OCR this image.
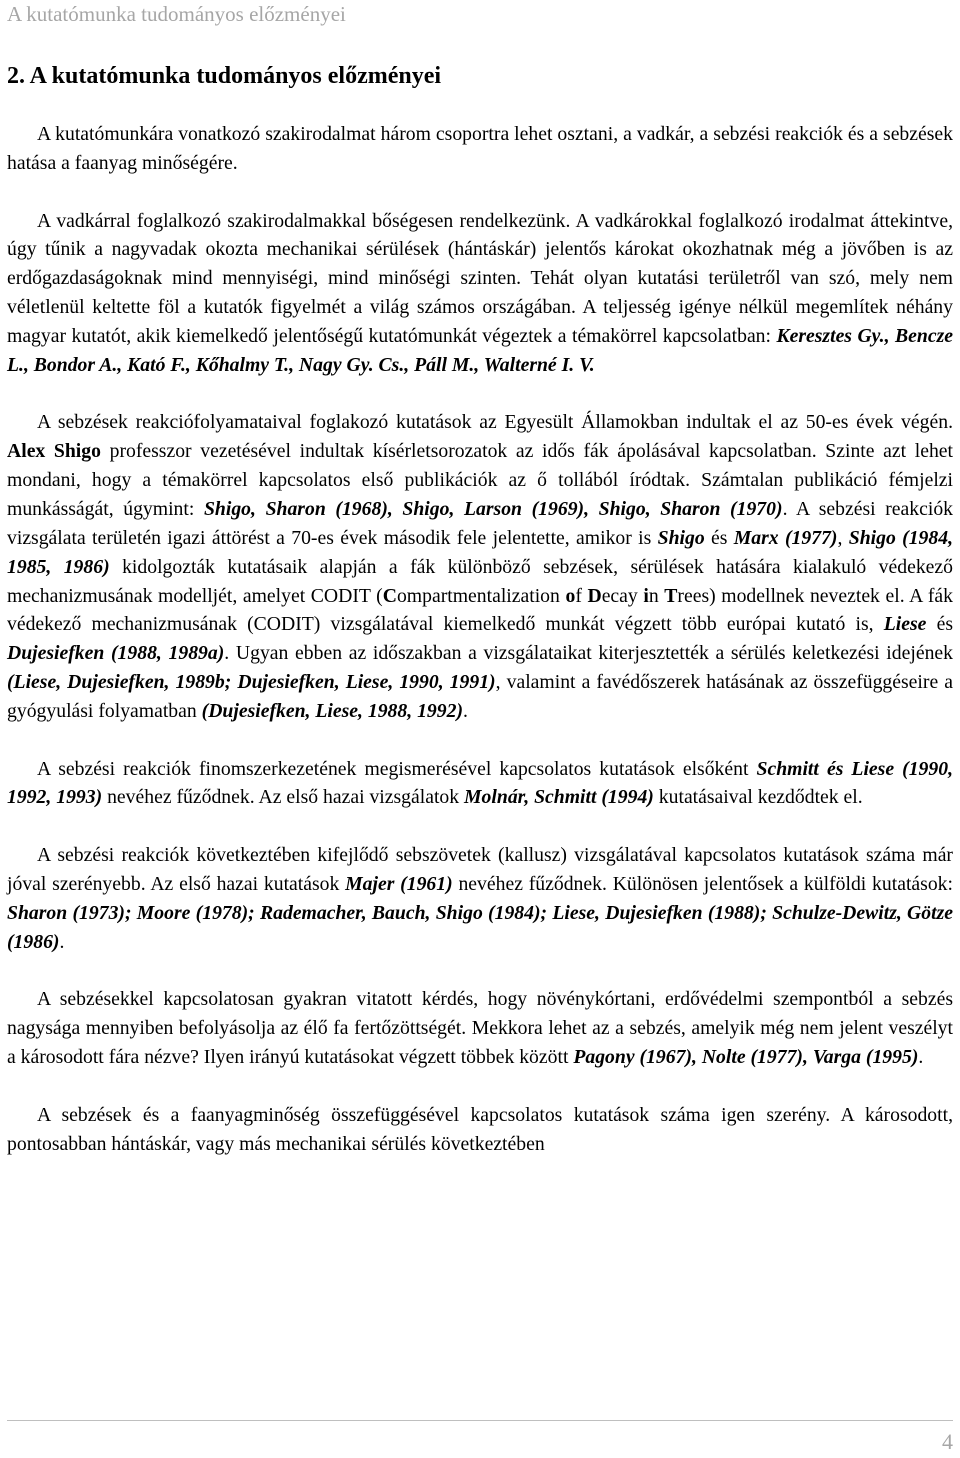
A kutatómunka tudományos előzményei
2. A kutatómunka tudományos előzményei

A kutatómunkára vonatkozó szakirodalmat három csoportra lehet osztani, a vadkár, a sebzési reakciók és a sebzések hatása a faanyag minőségére.

A vadkárral foglalkozó szakirodalmakkal bőségesen rendelkezünk. A vadkárokkal foglalkozó irodalmat áttekintve, úgy tűnik a nagyvadak okozta mechanikai sérülések (hántáskár) jelentős károkat okozhatnak még a jövőben is az erdőgazdaságoknak mind mennyiségi, mind minőségi szinten. Tehát olyan kutatási területről van szó, mely nem véletlenül keltette föl a kutatók figyelmét a világ számos országában. A teljesség igénye nélkül megemlítek néhány magyar kutatót, akik kiemelkedő jelentőségű kutatómunkát végeztek a témakörrel kapcsolatban: Keresztes Gy., Bencze L., Bondor A., Kató F., Kőhalmy T., Nagy Gy. Cs., Páll M., Walterné I. V.

A sebzések reakciófolyamataival foglakozó kutatások az Egyesült Államokban indultak el az 50-es évek végén. Alex Shigo professzor vezetésével indultak kísérletsorozatok az idős fák ápolásával kapcsolatban. Szinte azt lehet mondani, hogy a témakörrel kapcsolatos első publikációk az ő tollából íródtak. Számtalan publikáció fémjelzi munkásságát, úgymint: Shigo, Sharon (1968), Shigo, Larson (1969), Shigo, Sharon (1970). A sebzési reakciók vizsgálata területén igazi áttörést a 70-es évek második fele jelentette, amikor is Shigo és Marx (1977), Shigo (1984, 1985, 1986) kidolgozták kutatásaik alapján a fák különböző sebzések, sérülések hatására kialakuló védekező mechanizmusának modelljét, amelyet CODIT (Compartmentalization of Decay in Trees) modellnek neveztek el. A fák védekező mechanizmusának (CODIT) vizsgálatával kiemelkedő munkát végzett több európai kutató is, Liese és Dujesiefken (1988, 1989a). Ugyan ebben az időszakban a vizsgálataikat kiterjesztették a sérülés keletkezési idejének (Liese, Dujesiefken, 1989b; Dujesiefken, Liese, 1990, 1991), valamint a favédőszerek hatásának az összefüggéseire a gyógyulási folyamatban (Dujesiefken, Liese, 1988, 1992).

A sebzési reakciók finomszerkezetének megismerésével kapcsolatos kutatások elsőként Schmitt és Liese (1990, 1992, 1993) nevéhez fűződnek. Az első hazai vizsgálatok Molnár, Schmitt (1994) kutatásaival kezdődtek el.

A sebzési reakciók következtében kifejlődő sebszövetek (kallusz) vizsgálatával kapcsolatos kutatások száma már jóval szerényebb. Az első hazai kutatások Majer (1961) nevéhez fűződnek. Különösen jelentősek a külföldi kutatások: Sharon (1973); Moore (1978); Rademacher, Bauch, Shigo (1984); Liese, Dujesiefken (1988); Schulze-Dewitz, Götze (1986).

A sebzésekkel kapcsolatosan gyakran vitatott kérdés, hogy növénykórtani, erdővédelmi szempontból a sebzés nagysága mennyiben befolyásolja az élő fa fertőzöttségét. Mekkora lehet az a sebzés, amelyik még nem jelent veszélyt a károsodott fára nézve? Ilyen irányú kutatásokat végzett többek között Pagony (1967), Nolte (1977), Varga (1995).

A sebzések és a faanyagminőség összefüggésével kapcsolatos kutatások száma igen szerény. A károsodott, pontosabban hántáskár, vagy más mechanikai sérülés következtében

4
